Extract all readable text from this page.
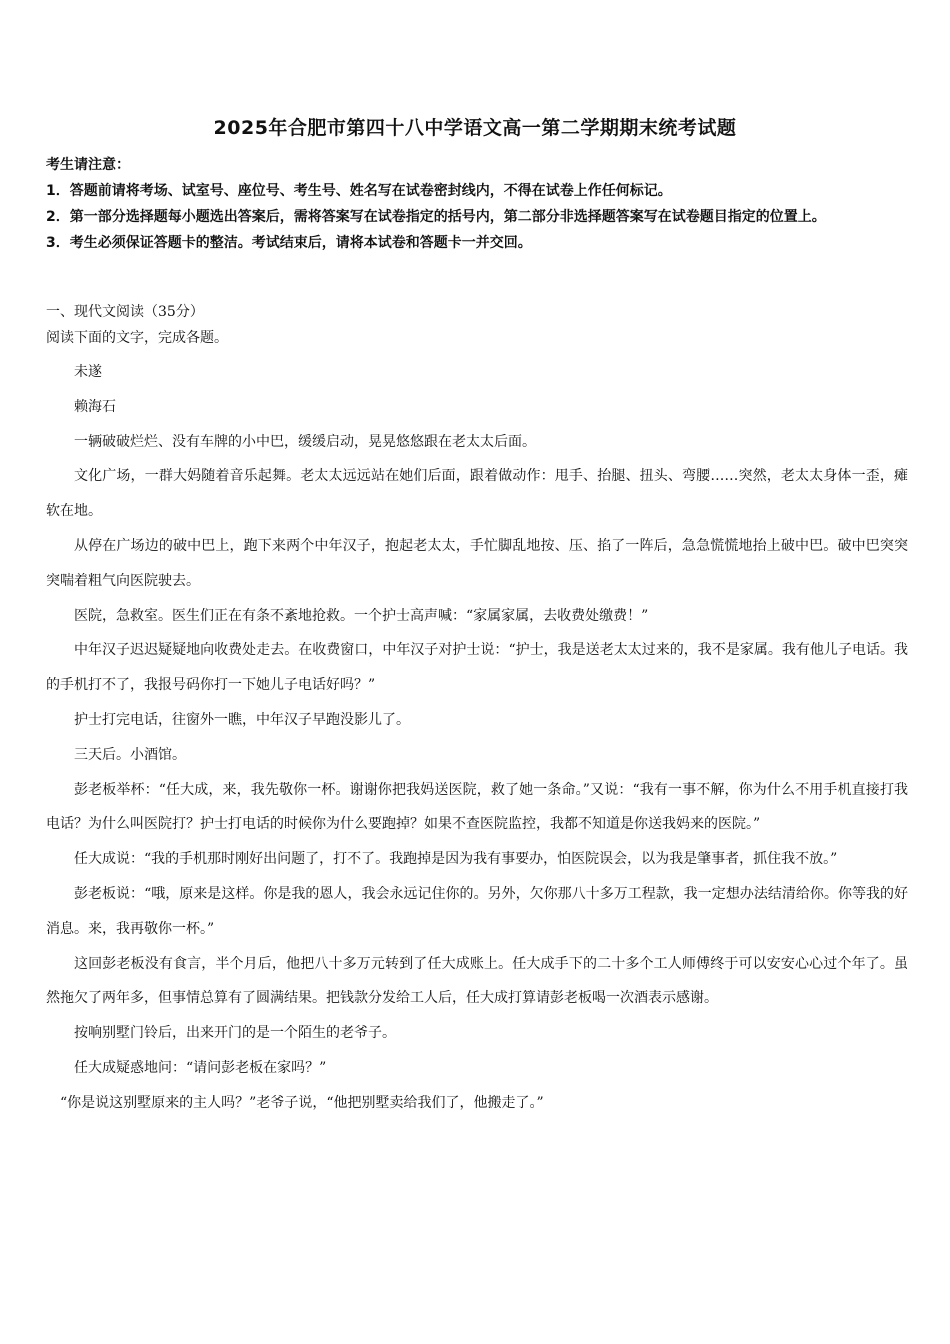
2025年合肥市第四十八中学语文高一第二学期期末统考试题

考生请注意：

1．答题前请将考场、试室号、座位号、考生号、姓名写在试卷密封线内，不得在试卷上作任何标记。

2．第一部分选择题每小题选出答案后，需将答案写在试卷指定的括号内，第二部分非选择题答案写在试卷题目指定的位置上。

3．考生必须保证答题卡的整洁。考试结束后，请将本试卷和答题卡一并交回。

一、现代文阅读（35分）

阅读下面的文字，完成各题。

未遂

赖海石

一辆破破烂烂、没有车牌的小中巴，缓缓启动，晃晃悠悠跟在老太太后面。

文化广场，一群大妈随着音乐起舞。老太太远远站在她们后面，跟着做动作：甩手、抬腿、扭头、弯腰……突然，老太太身体一歪，瘫软在地。

从停在广场边的破中巴上，跑下来两个中年汉子，抱起老太太，手忙脚乱地按、压、掐了一阵后，急急慌慌地抬上破中巴。破中巴突突突喘着粗气向医院驶去。

医院，急救室。医生们正在有条不紊地抢救。一个护士高声喊：“家属家属，去收费处缴费！”

中年汉子迟迟疑疑地向收费处走去。在收费窗口，中年汉子对护士说：“护士，我是送老太太过来的，我不是家属。我有他儿子电话。我的手机打不了，我报号码你打一下她儿子电话好吗？”

护士打完电话，往窗外一瞧，中年汉子早跑没影儿了。

三天后。小酒馆。

彭老板举杯：“任大成，来，我先敬你一杯。谢谢你把我妈送医院，救了她一条命。”又说：“我有一事不解，你为什么不用手机直接打我电话？为什么叫医院打？护士打电话的时候你为什么要跑掉？如果不查医院监控，我都不知道是你送我妈来的医院。”

任大成说：“我的手机那时刚好出问题了，打不了。我跑掉是因为我有事要办，怕医院误会，以为我是肇事者，抓住我不放。”

彭老板说：“哦，原来是这样。你是我的恩人，我会永远记住你的。另外，欠你那八十多万工程款，我一定想办法结清给你。你等我的好消息。来，我再敬你一杯。”

这回彭老板没有食言，半个月后，他把八十多万元转到了任大成账上。任大成手下的二十多个工人师傅终于可以安安心心过个年了。虽然拖欠了两年多，但事情总算有了圆满结果。把钱款分发给工人后，任大成打算请彭老板喝一次酒表示感谢。

按响别墅门铃后，出来开门的是一个陌生的老爷子。

任大成疑惑地问：“请问彭老板在家吗？”

“你是说这别墅原来的主人吗？”老爷子说，“他把别墅卖给我们了，他搬走了。”
